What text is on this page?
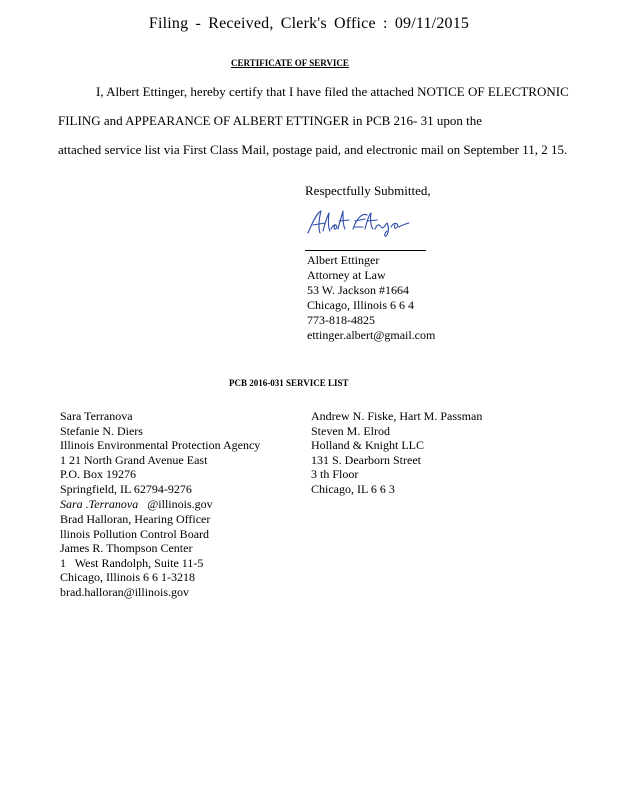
Filing - Received, Clerk's Office : 09/11/2015
CERTIFICATE OF SERVICE
I, Albert Ettinger, hereby certify that I have filed the attached NOTICE OF ELECTRONIC
FILING and APPEARANCE OF ALBERT ETTINGER in PCB 216- 31 upon the
attached service list via First Class Mail, postage paid, and electronic mail on September 11, 2 15.
Respectfully Submitted,
Albert Ettinger
Attorney at Law
53 W. Jackson #1664
Chicago, Illinois 6 6 4
773-818-4825
ettinger.albert@gmail.com
PCB 2016-031 SERVICE LIST
Sara Terranova
Stefanie N. Diers
Illinois Environmental Protection Agency
1 21 North Grand Avenue East
P.O. Box 19276
Springfield, IL 62794-9276
Sara .Terranova @illinois.gov
Brad Halloran, Hearing Officer
llinois Pollution Control Board
James R. Thompson Center
1   West Randolph, Suite 11-5
Chicago, Illinois 6 6 1-3218
brad.halloran@illinois.gov
Andrew N. Fiske, Hart M. Passman
Steven M. Elrod
Holland & Knight LLC
131 S. Dearborn Street
3 th Floor
Chicago, IL 6 6 3
